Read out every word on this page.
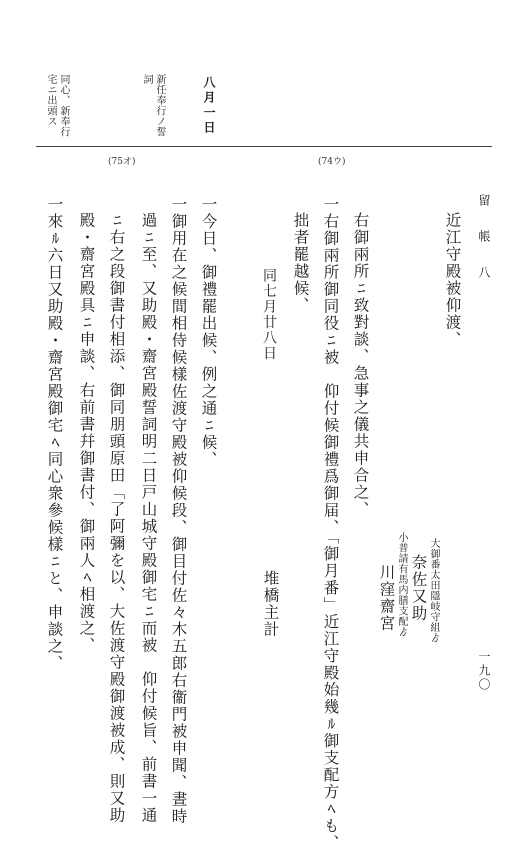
留　帳　八
八月一日
新任奉行ノ誓
詞
同心、新奉行
宅ニ出頭ス
(74ウ)
(75オ)
近江守殿被仰渡、
大御番太田隱岐守組ゟ
奈佐又助
小普請有馬内膳支配ゟ
川窪齋宮
右御兩所ﾆ致對談、急事之儀共申合之、
一右御兩所御同役ﾆ被　仰付候御禮爲御届、「御月番」近江守殿始幾ﾙ御支配方ﾍも、
拙者罷越候、
堆橋主計
同七月廿八日
一今日、御禮罷出候、例之通ﾆ候、
一御用在之候間相侍候樣佐渡守殿被仰候段、御目付佐々木五郎右衞門被申聞、晝時
過ﾆ至、又助殿・齋宮殿誓詞明二日戸山城守殿御宅ﾆ而被　仰付候旨、前書一通
ﾆ右之段御書付相添、御同朋頭原田「了阿彌を以、大佐渡守殿御渡被成、則又助
殿・齋宮殿具ﾆ申談、右前書幷御書付、御兩人ﾍ相渡之、
一來ﾙ六日又助殿・齋宮殿御宅ﾍ同心衆參候樣ﾆと、申談之、	一九〇
